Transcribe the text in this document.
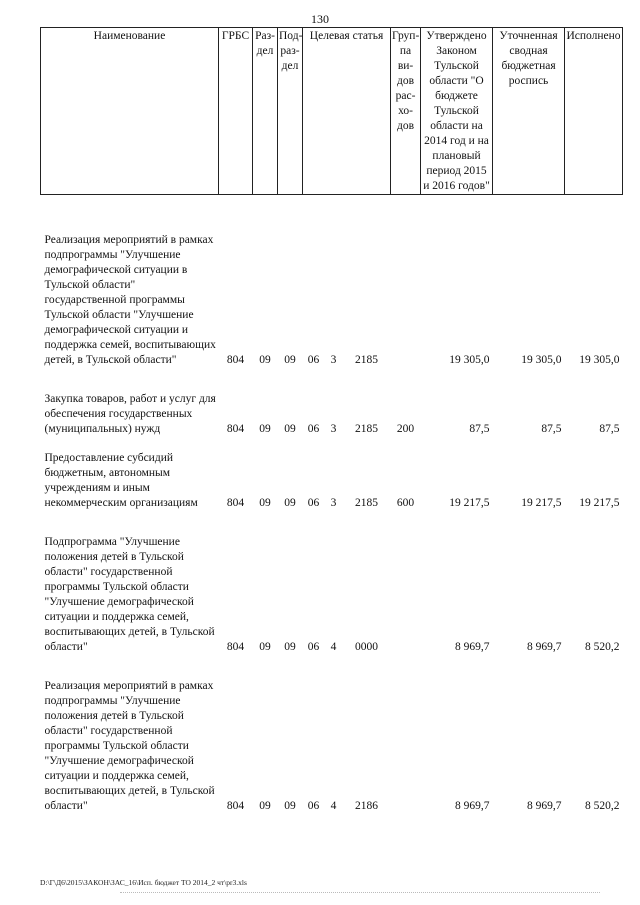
130
Наименование	ГРБС	Раз-дел	Под-раз-дел	Целевая статья			Груп-па ви-дов рас-хо-дов	Утверждено Законом Тульской области "О бюджете Тульской области на 2014 год и на плановый период 2015 и 2016 годов"	Уточненная сводная бюджетная роспись	Исполнено

Реализация мероприятий в рамках подпрограммы "Улучшение демографической ситуации в Тульской области" государственной программы Тульской области "Улучшение демографической ситуации и поддержка семей, воспитывающих детей, в Тульской области"	804	09	09	06	3	2185		19 305,0	19 305,0	19 305,0

Закупка товаров, работ и услуг для обеспечения государственных (муниципальных) нужд	804	09	09	06	3	2185	200	87,5	87,5	87,5

Предоставление субсидий бюджетным, автономным учреждениям и иным некоммерческим организациям	804	09	09	06	3	2185	600	19 217,5	19 217,5	19 217,5

Подпрограмма "Улучшение положения детей в Тульской области" государственной программы Тульской области "Улучшение демографической ситуации и поддержка семей, воспитывающих детей, в Тульской области"	804	09	09	06	4	0000		8 969,7	8 969,7	8 520,2

Реализация мероприятий в рамках подпрограммы "Улучшение положения детей в Тульской области" государственной программы Тульской области "Улучшение демографической ситуации и поддержка семей, воспитывающих детей, в Тульской области"	804	09	09	06	4	2186		8 969,7	8 969,7	8 520,2
D:\Г\Д6\2015\ЗАКОН\ЗАС_16\Исп. бюджет ТО 2014_2 чт\pr3.xls
